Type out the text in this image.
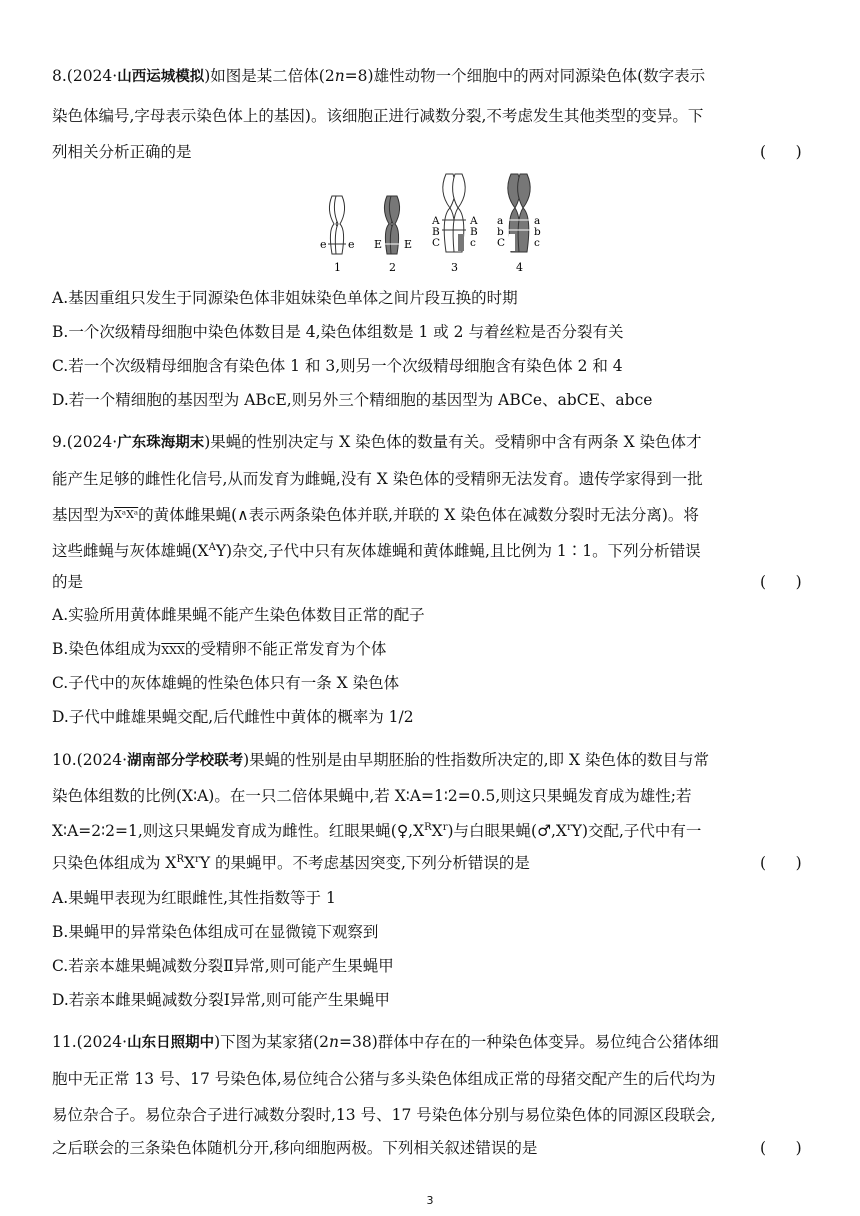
8.(2024·山西运城模拟)如图是某二倍体(2n=8)雄性动物一个细胞中的两对同源染色体(数字表示
染色体编号,字母表示染色体上的基因)。该细胞正进行减数分裂,不考虑发生其他类型的变异。下
列相关分析正确的是	(      )
e e E E
A
B
C
A
B
c
a
b
C
a
b
c
1	2	3	4
A.基因重组只发生于同源染色体非姐妹染色单体之间片段互换的时期
B.一个次级精母细胞中染色体数目是 4,染色体组数是 1 或 2 与着丝粒是否分裂有关
C.若一个次级精母细胞含有染色体 1 和 3,则另一个次级精母细胞含有染色体 2 和 4
D.若一个精细胞的基因型为 ABcE,则另外三个精细胞的基因型为 ABCe、abCE、abce
9.(2024·广东珠海期末)果蝇的性别决定与 X 染色体的数量有关。受精卵中含有两条 X 染色体才
能产生足够的雌性化信号,从而发育为雌蝇,没有 X 染色体的受精卵无法发育。遗传学家得到一批
基因型为XᵃXᵃ的黄体雌果蝇(∧表示两条染色体并联,并联的 X 染色体在减数分裂时无法分离)。将
这些雌蝇与灰体雄蝇$(X^AY)$杂交,子代中只有灰体雄蝇和黄体雌蝇,且比例为 1∶1。下列分析错误
的是	(      )
A.实验所用黄体雌果蝇不能产生染色体数目正常的配子
B.染色体组成为$\overline{XXX}$的受精卵不能正常发育为个体
C.子代中的灰体雄蝇的性染色体只有一条 X 染色体
D.子代中雌雄果蝇交配,后代雌性中黄体的概率为 1/2
10.(2024·湖南部分学校联考)果蝇的性别是由早期胚胎的性指数所决定的,即 X 染色体的数目与常
染色体组数的比例(X∶A)。在一只二倍体果蝇中,若 X∶A=1∶2=0.5,则这只果蝇发育成为雄性;若
X∶A=2∶2=1,则这只果蝇发育成为雌性。红眼果蝇$(♀,X^RX^r)$与白眼果蝇$(♂,X^rY)$交配,子代中有一
只染色体组成为 $X^RX^rY$ 的果蝇甲。不考虑基因突变,下列分析错误的是	(      )
A.果蝇甲表现为红眼雌性,其性指数等于 1
B.果蝇甲的异常染色体组成可在显微镜下观察到
C.若亲本雄果蝇减数分裂Ⅱ异常,则可能产生果蝇甲
D.若亲本雌果蝇减数分裂Ⅰ异常,则可能产生果蝇甲
11.(2024·山东日照期中)下图为某家猪(2n=38)群体中存在的一种染色体变异。易位纯合公猪体细
胞中无正常 13 号、17 号染色体,易位纯合公猪与多头染色体组成正常的母猪交配产生的后代均为
易位杂合子。易位杂合子进行减数分裂时,13 号、17 号染色体分别与易位染色体的同源区段联会,
之后联会的三条染色体随机分开,移向细胞两极。下列相关叙述错误的是	(      )
3
